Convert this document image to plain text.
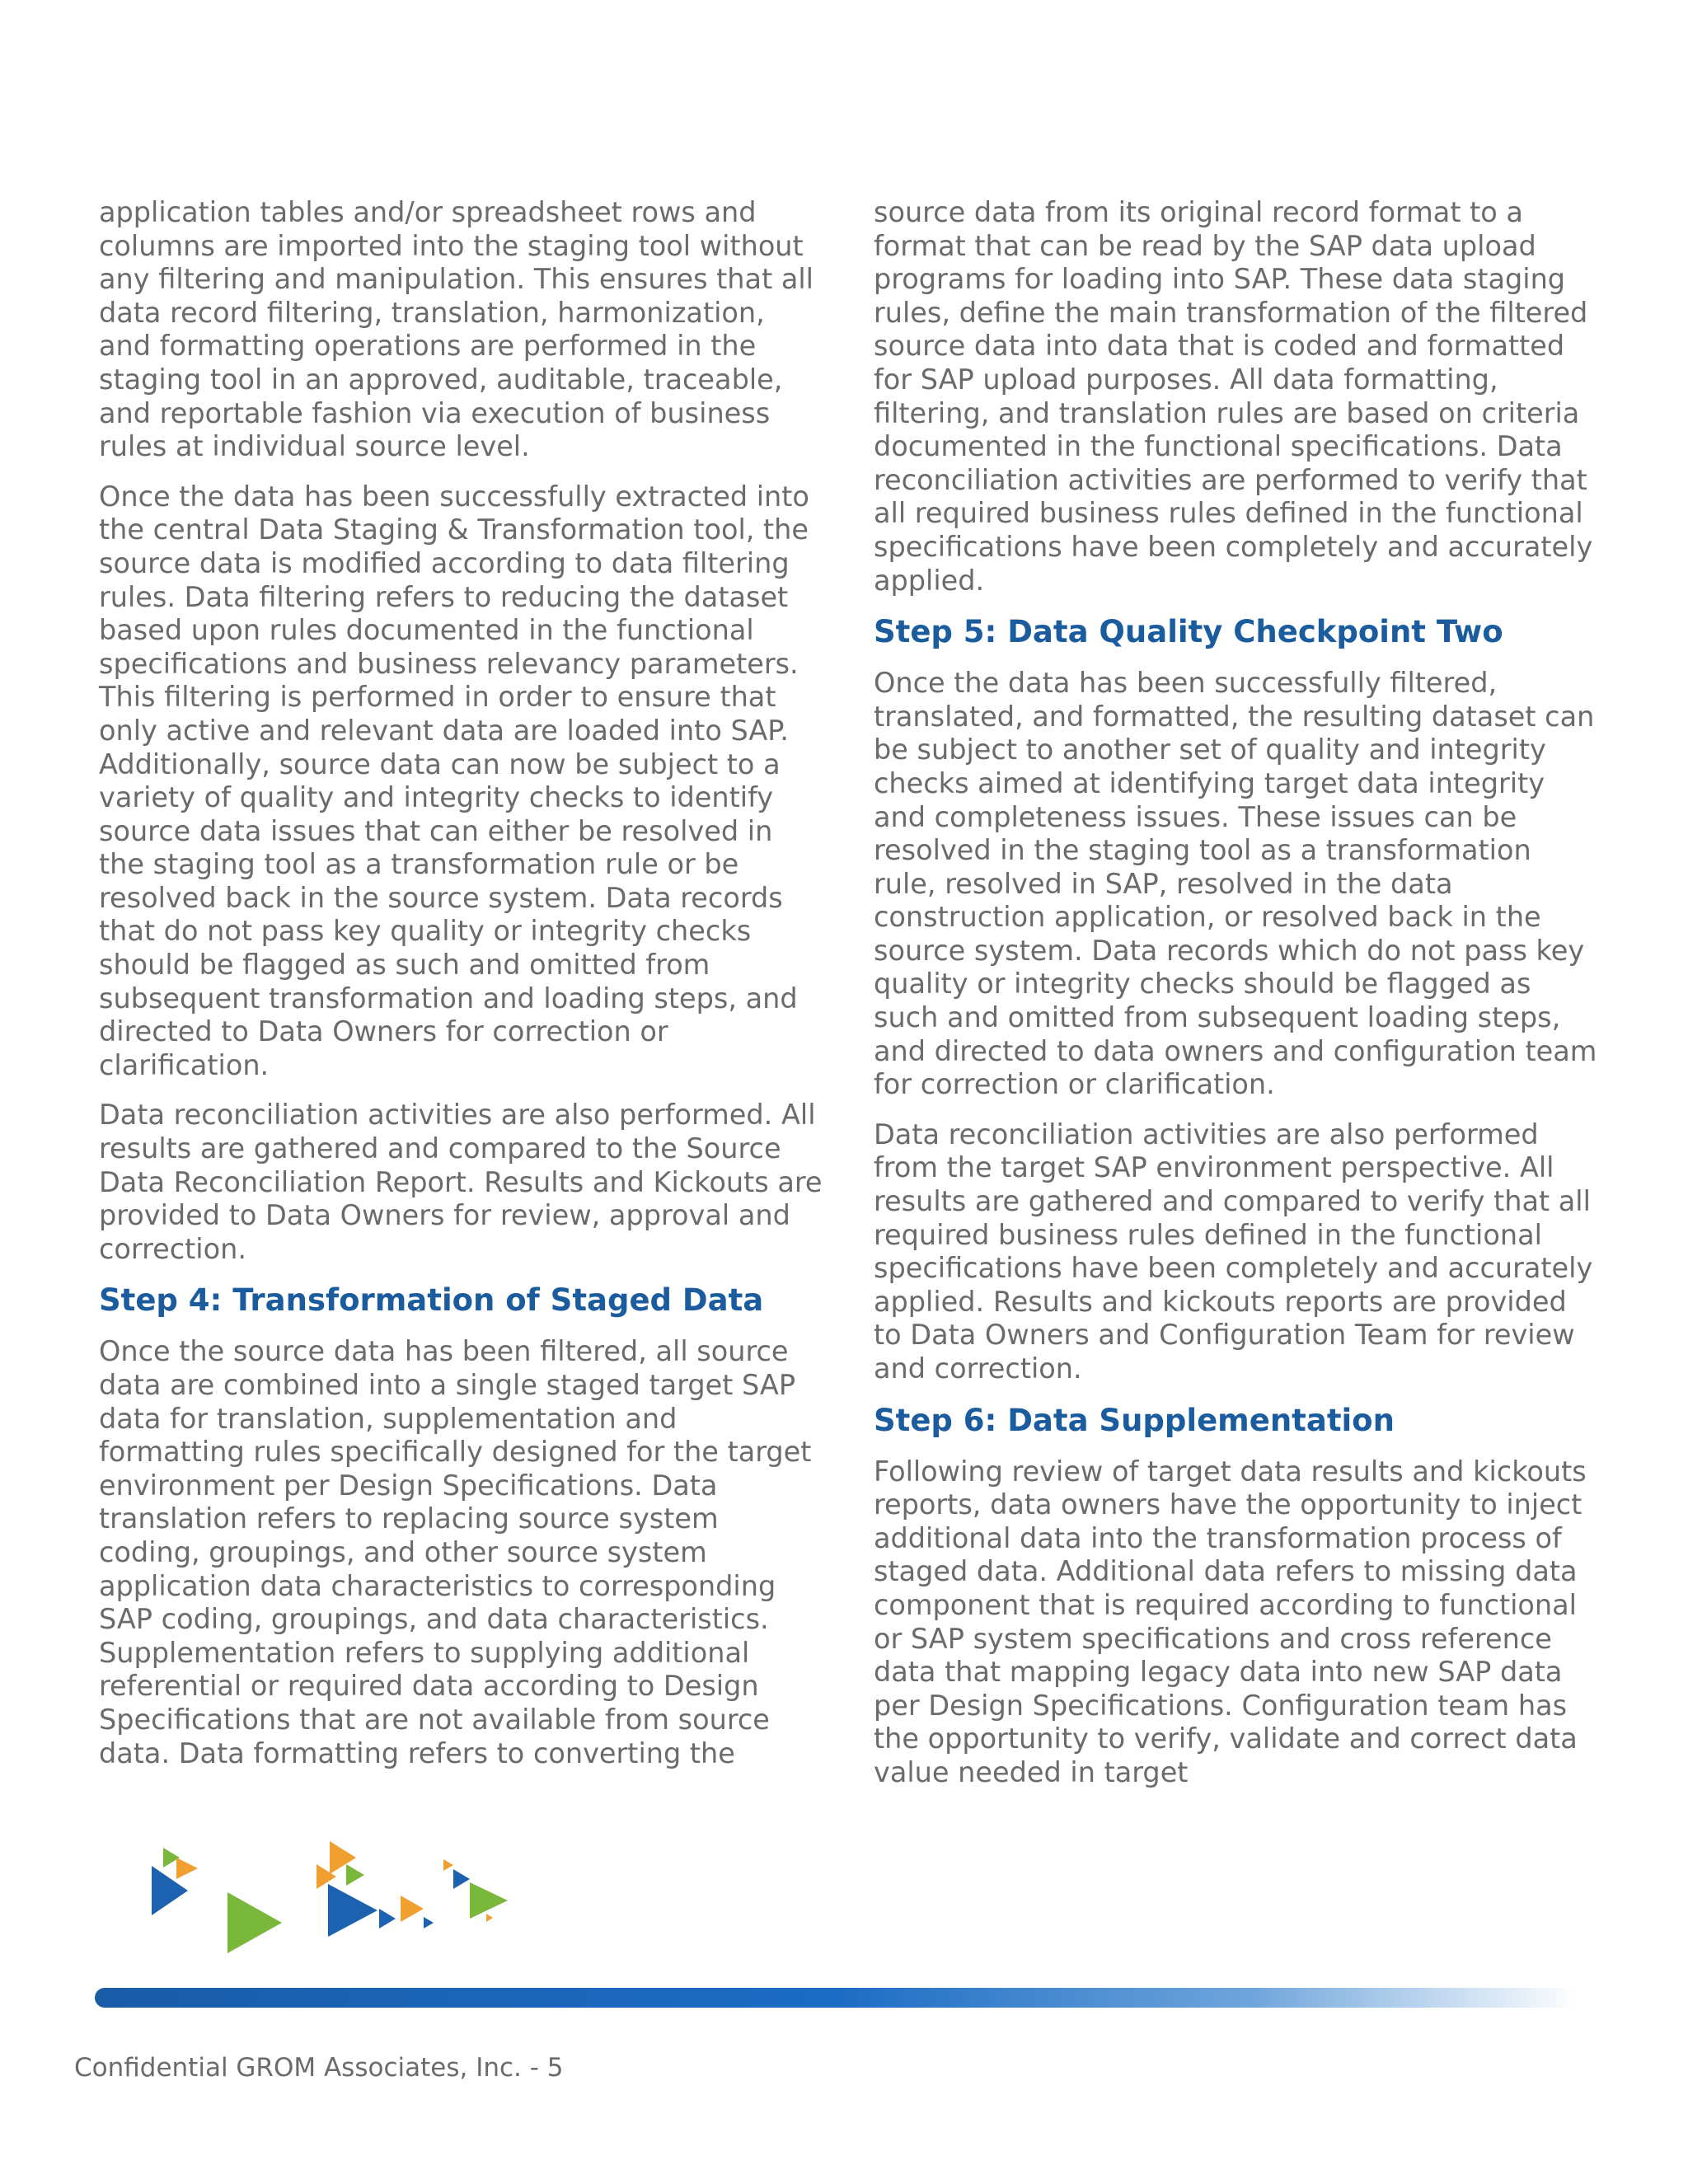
application tables and/or spreadsheet rows and columns are imported into the staging tool without any filtering and manipulation. This ensures that all data record filtering, translation, harmonization, and formatting operations are performed in the staging tool in an approved, auditable, traceable, and reportable fashion via execution of business rules at individual source level.

Once the data has been successfully extracted into the central Data Staging & Transformation tool, the source data is modified according to data filtering rules. Data filtering refers to reducing the dataset based upon rules documented in the functional specifications and business relevancy parameters. This filtering is performed in order to ensure that only active and relevant data are loaded into SAP. Additionally, source data can now be subject to a variety of quality and integrity checks to identify source data issues that can either be resolved in the staging tool as a transformation rule or be resolved back in the source system. Data records that do not pass key quality or integrity checks should be flagged as such and omitted from subsequent transformation and loading steps, and directed to Data Owners for correction or clarification.

Data reconciliation activities are also performed. All results are gathered and compared to the Source Data Reconciliation Report. Results and Kickouts are provided to Data Owners for review, approval and correction.

Step 4: Transformation of Staged Data

Once the source data has been filtered, all source data are combined into a single staged target SAP data for translation, supplementation and formatting rules specifically designed for the target environment per Design Specifications. Data translation refers to replacing source system coding, groupings, and other source system application data characteristics to corresponding SAP coding, groupings, and data characteristics. Supplementation refers to supplying additional referential or required data according to Design Specifications that are not available from source data. Data formatting refers to converting the

source data from its original record format to a format that can be read by the SAP data upload programs for loading into SAP. These data staging rules, define the main transformation of the filtered source data into data that is coded and formatted for SAP upload purposes. All data formatting, filtering, and translation rules are based on criteria documented in the functional specifications. Data reconciliation activities are performed to verify that all required business rules defined in the functional specifications have been completely and accurately applied.

Step 5: Data Quality Checkpoint Two

Once the data has been successfully filtered, translated, and formatted, the resulting dataset can be subject to another set of quality and integrity checks aimed at identifying target data integrity and completeness issues. These issues can be resolved in the staging tool as a transformation rule, resolved in SAP, resolved in the data construction application, or resolved back in the source system. Data records which do not pass key quality or integrity checks should be flagged as such and omitted from subsequent loading steps, and directed to data owners and configuration team for correction or clarification.

Data reconciliation activities are also performed from the target SAP environment perspective. All results are gathered and compared to verify that all required business rules defined in the functional specifications have been completely and accurately applied. Results and kickouts reports are provided to Data Owners and Configuration Team for review and correction.

Step 6: Data Supplementation

Following review of target data results and kickouts reports, data owners have the opportunity to inject additional data into the transformation process of staged data. Additional data refers to missing data component that is required according to functional or SAP system specifications and cross reference data that mapping legacy data into new SAP data per Design Specifications. Configuration team has the opportunity to verify, validate and correct data value needed in target

Confidential GROM Associates, Inc. - 5
